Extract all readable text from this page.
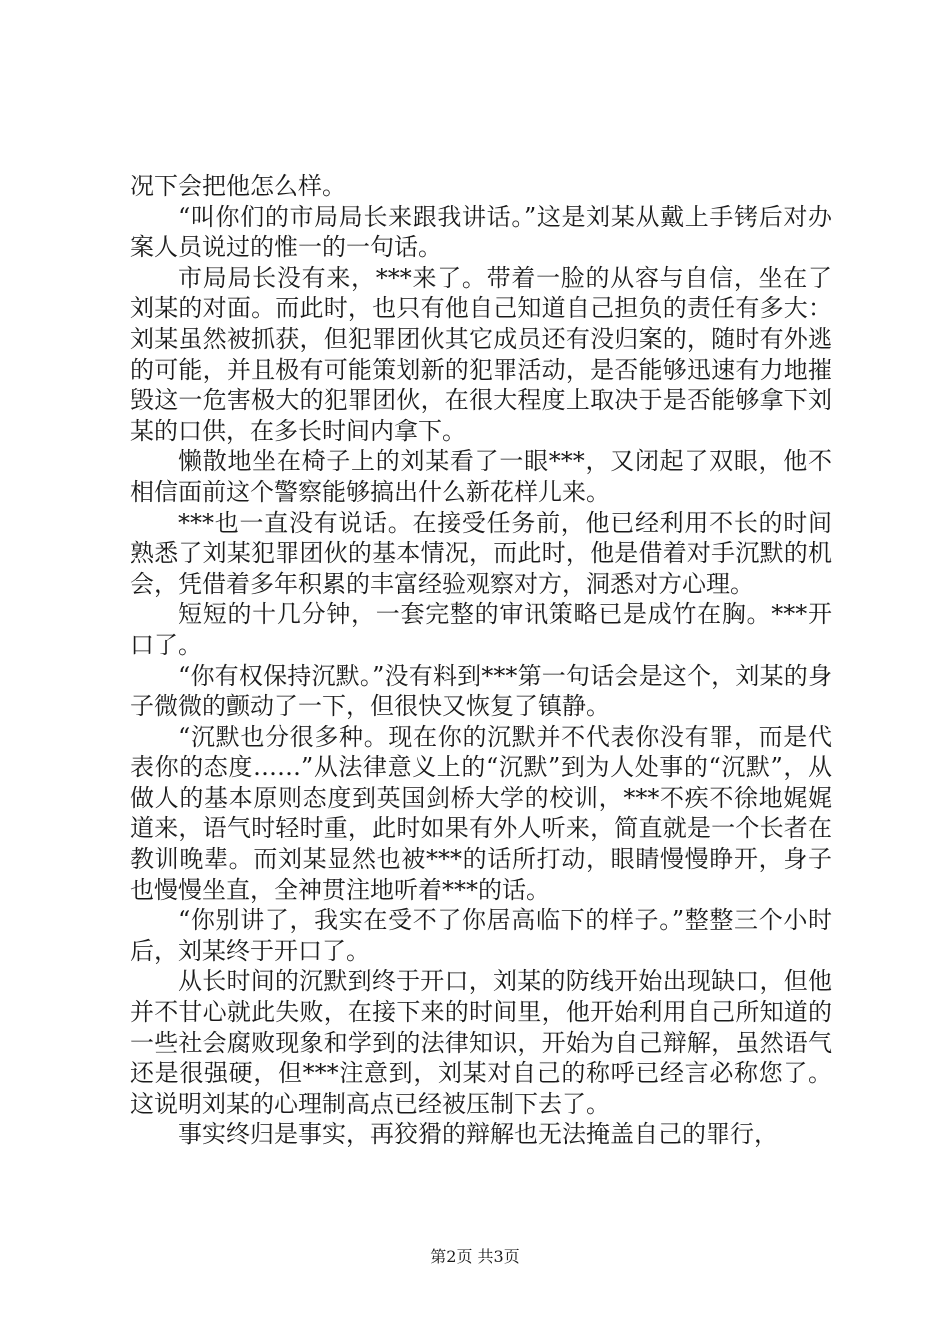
况下会把他怎么样。

“叫你们的市局局长来跟我讲话。”这是刘某从戴上手铐后对办案人员说过的惟一的一句话。

市局局长没有来，***来了。带着一脸的从容与自信，坐在了刘某的对面。而此时，也只有他自己知道自己担负的责任有多大：刘某虽然被抓获，但犯罪团伙其它成员还有没归案的，随时有外逃的可能，并且极有可能策划新的犯罪活动，是否能够迅速有力地摧毁这一危害极大的犯罪团伙，在很大程度上取决于是否能够拿下刘某的口供，在多长时间内拿下。

懒散地坐在椅子上的刘某看了一眼***，又闭起了双眼，他不相信面前这个警察能够搞出什么新花样儿来。

***也一直没有说话。在接受任务前，他已经利用不长的时间熟悉了刘某犯罪团伙的基本情况，而此时，他是借着对手沉默的机会，凭借着多年积累的丰富经验观察对方，洞悉对方心理。

短短的十几分钟，一套完整的审讯策略已是成竹在胸。***开口了。

“你有权保持沉默。”没有料到***第一句话会是这个，刘某的身子微微的颤动了一下，但很快又恢复了镇静。

“沉默也分很多种。现在你的沉默并不代表你没有罪，而是代表你的态度……”从法律意义上的“沉默”到为人处事的“沉默”，从做人的基本原则态度到英国剑桥大学的校训，***不疾不徐地娓娓道来，语气时轻时重，此时如果有外人听来，简直就是一个长者在教训晚辈。而刘某显然也被***的话所打动，眼睛慢慢睁开，身子也慢慢坐直，全神贯注地听着***的话。

“你别讲了，我实在受不了你居高临下的样子。”整整三个小时后，刘某终于开口了。

从长时间的沉默到终于开口，刘某的防线开始出现缺口，但他并不甘心就此失败，在接下来的时间里，他开始利用自己所知道的一些社会腐败现象和学到的法律知识，开始为自己辩解，虽然语气还是很强硬，但***注意到，刘某对自己的称呼已经言必称您了。这说明刘某的心理制高点已经被压制下去了。

事实终归是事实，再狡猾的辩解也无法掩盖自己的罪行，

第2页 共3页
